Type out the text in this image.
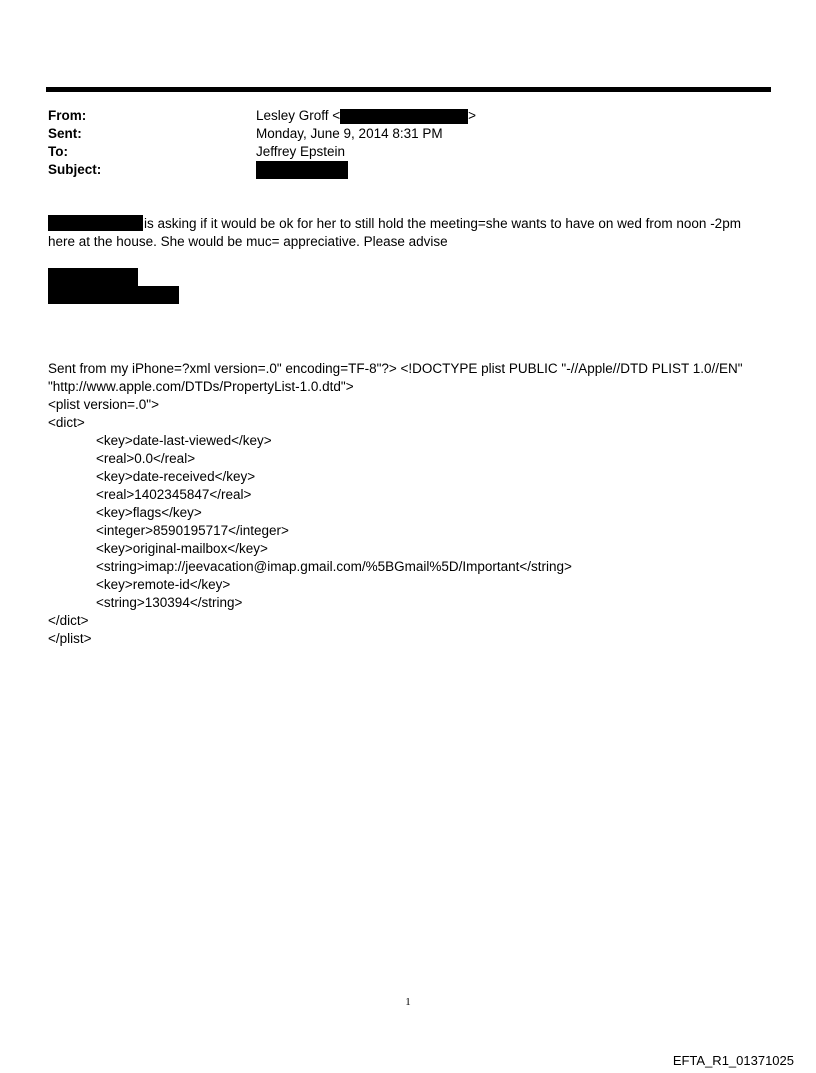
From:	Lesley Groff <	>
Sent:	Monday, June 9, 2014 8:31 PM
To:	Jeffrey Epstein
Subject:
is asking if it would be ok for her to still hold the meeting=she wants to have on wed from noon -2pm
here at the house. She would be muc= appreciative. Please advise
Sent from my iPhone=?xml version=.0" encoding=TF-8"?> <!DOCTYPE plist PUBLIC "-//Apple//DTD PLIST 1.0//EN"
"http://www.apple.com/DTDs/PropertyList-1.0.dtd">
<plist version=.0">
<dict>
<key>date-last-viewed</key>
<real>0.0</real>
<key>date-received</key>
<real>1402345847</real>
<key>flags</key>
<integer>8590195717</integer>
<key>original-mailbox</key>
<string>imap://jeevacation@imap.gmail.com/%5BGmail%5D/Important</string>
<key>remote-id</key>
<string>130394</string>
</dict>
</plist>
1
EFTA_R1_01371025
